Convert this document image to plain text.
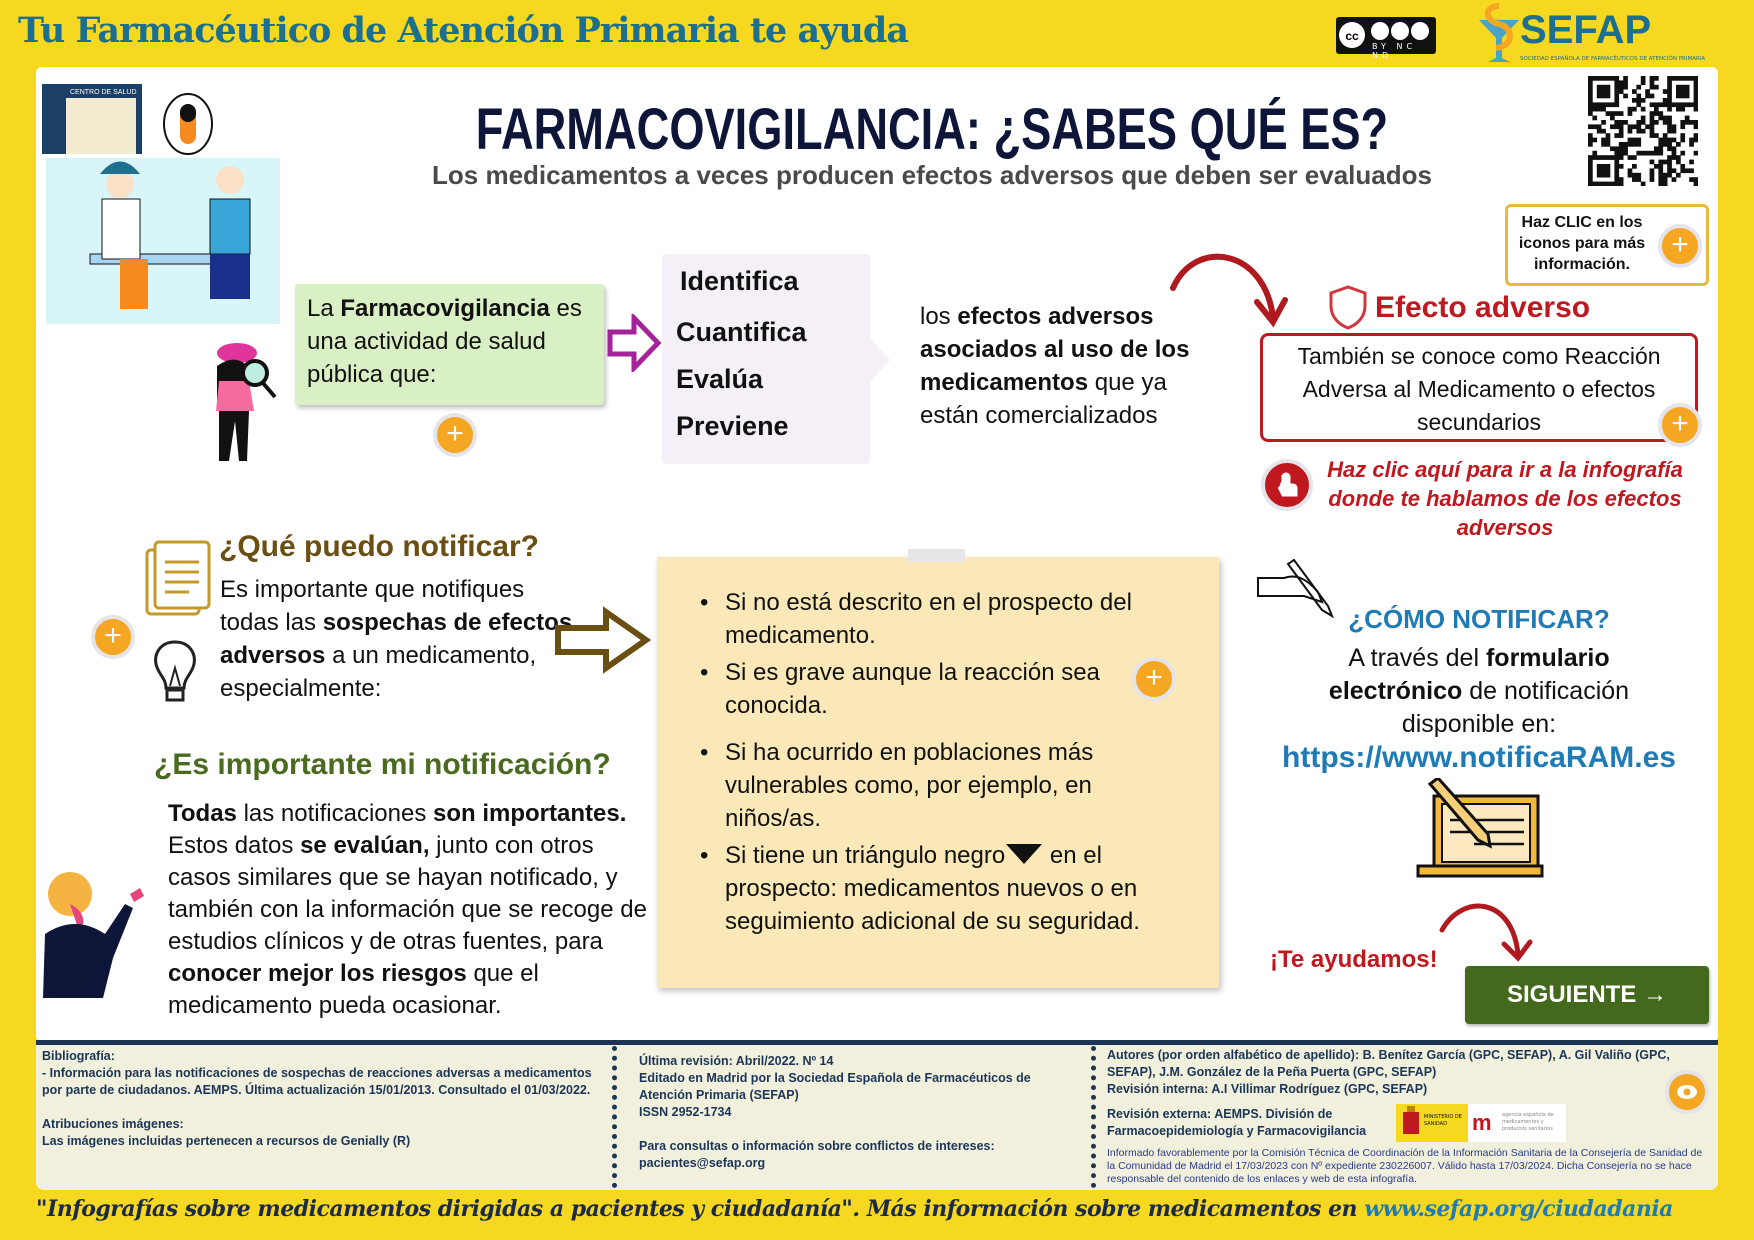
Tu Farmacéutico de Atención Primaria te ayuda	cc
BY NC ND
SEFAP
SOCIEDAD ESPAÑOLA DE FARMACÉUTICOS DE ATENCIÓN PRIMARIA
CENTRO DE SALUD
FARMACOVIGILANCIA: ¿SABES QUÉ ES?
Los medicamentos a veces producen efectos adversos que deben ser evaluados
Haz CLIC en los iconos para más información.
+
La Farmacovigilancia es una actividad de salud pública que:
+
Identifica
Cuantifica
Evalúa
Previene
los efectos adversos asociados al uso de los medicamentos que ya están comercializados
Efecto adverso
También se conoce como Reacción Adversa al Medicamento o efectos secundarios	+
Haz clic aquí para ir a la infografía donde te hablamos de los efectos adversos
+
¿Qué puedo notificar?
Es importante que notifiques todas las sospechas de efectos adversos a un medicamento, especialmente:
• Si no está descrito en el prospecto del medicamento.
• Si es grave aunque la reacción sea conocida.
+
• Si ha ocurrido en poblaciones más vulnerables como, por ejemplo, en niños/as.
• Si tiene un triángulo negro en el prospecto: medicamentos nuevos o en seguimiento adicional de su seguridad.
¿Es importante mi notificación?
Todas las notificaciones son importantes. Estos datos se evalúan, junto con otros casos similares que se hayan notificado, y también con la información que se recoge de estudios clínicos y de otras fuentes, para conocer mejor los riesgos que el medicamento pueda ocasionar.
¿CÓMO NOTIFICAR?
A través del formulario electrónico de notificación disponible en:
https://www.notificaRAM.es
¡Te ayudamos!
SIGUIENTE →
Bibliografía:
- Información para las notificaciones de sospechas de reacciones adversas a medicamentos por parte de ciudadanos. AEMPS. Última actualización 15/01/2013. Consultado el 01/03/2022.
Atribuciones imágenes:
Las imágenes incluidas pertenecen a recursos de Genially (R)
Última revisión: Abril/2022. Nº 14
Editado en Madrid por la Sociedad Española de Farmacéuticos de Atención Primaria (SEFAP)
ISSN 2952-1734
Para consultas o información sobre conflictos de intereses:
pacientes@sefap.org
Autores (por orden alfabético de apellido): B. Benítez García (GPC, SEFAP), A. Gil Valiño (GPC, SEFAP), J.M. González de la Peña Puerta (GPC, SEFAP)
Revisión interna: A.I Villimar Rodríguez (GPC, SEFAP)
Revisión externa: AEMPS. División de Farmacoepidemiología y Farmacovigilancia
MINISTERIO DE SANIDAD	m	agencia española de medicamentos y productos sanitarios
Informado favorablemente por la Comisión Técnica de Coordinación de la Información Sanitaria de la Consejería de Sanidad de la Comunidad de Madrid el 17/03/2023 con Nº expediente 230226007. Válido hasta 17/03/2024. Dicha Consejería no se hace responsable del contenido de los enlaces y web de esta infografía.
"Infografías sobre medicamentos dirigidas a pacientes y ciudadanía". Más información sobre medicamentos en www.sefap.org/ciudadania
